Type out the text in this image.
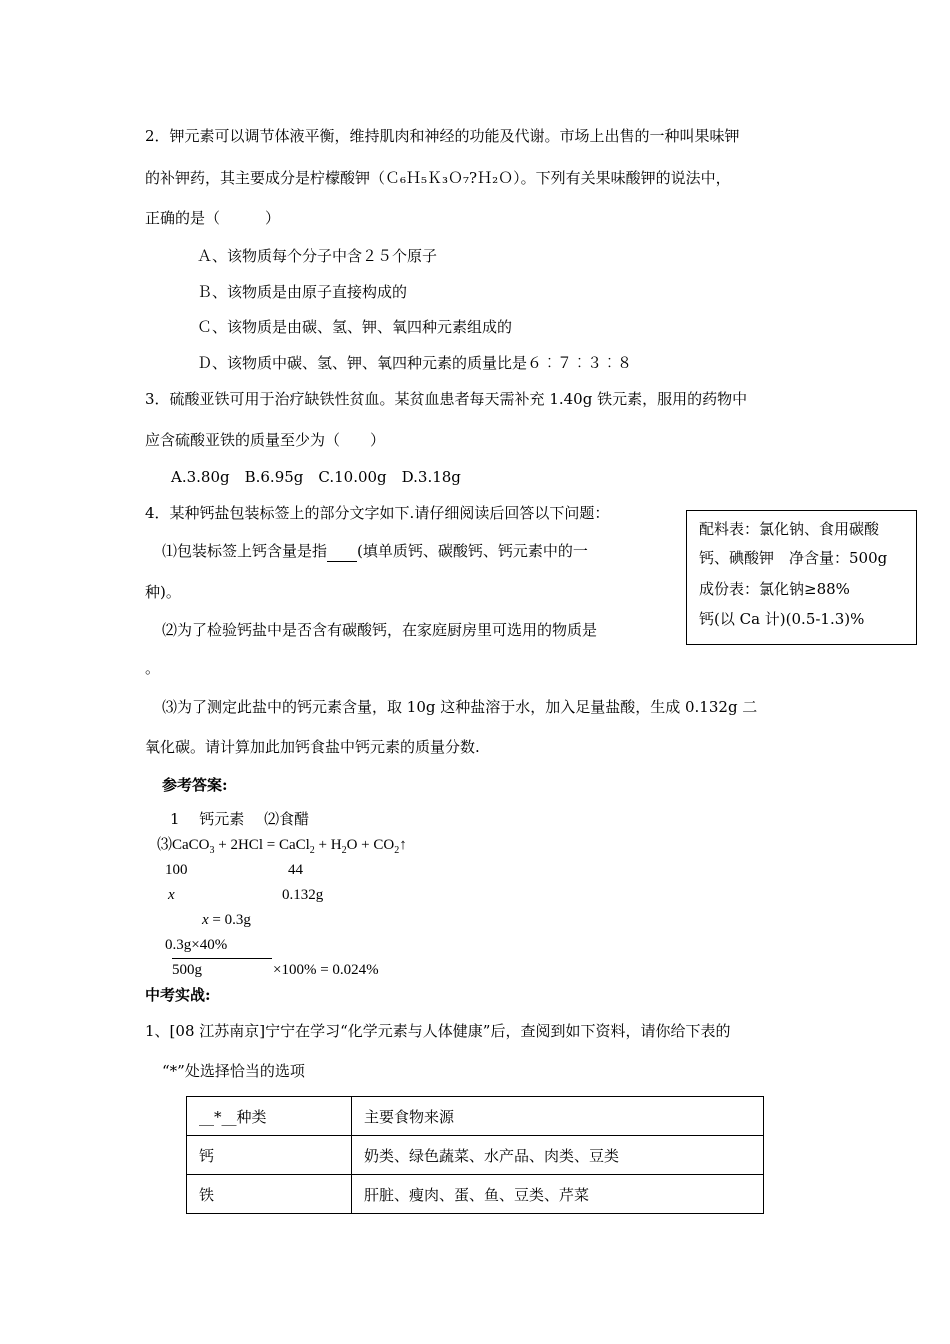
2．钾元素可以调节体液平衡，维持肌肉和神经的功能及代谢。市场上出售的一种叫果味钾
的补钾药，其主要成分是柠檬酸钾（Ｃ₆Ｈ₅Ｋ₃Ｏ₇?Ｈ₂Ｏ）。下列有关果味酸钾的说法中，
正确的是（　　　）
Ａ、该物质每个分子中含２５个原子
Ｂ、该物质是由原子直接构成的
Ｃ、该物质是由碳、氢、钾、氧四种元素组成的
Ｄ、该物质中碳、氢、钾、氧四种元素的质量比是６︰７︰３︰８
3．硫酸亚铁可用于治疗缺铁性贫血。某贫血患者每天需补充 1.40g 铁元素，服用的药物中
应含硫酸亚铁的质量至少为（　　）
A.3.80g　B.6.95g　C.10.00g　D.3.18g
4．某种钙盐包装标签上的部分文字如下.请仔细阅读后回答以下问题：
⑴包装标签上钙含量是指　　 (填单质钙、碳酸钙、钙元素中的一
种)。
⑵为了检验钙盐中是否含有碳酸钙，在家庭厨房里可选用的物质是
。
⑶为了测定此盐中的钙元素含量，取 10g 这种盐溶于水，加入足量盐酸，生成 0.132g 二
氧化碳。请计算加此加钙食盐中钙元素的质量分数.
配料表：氯化钠、食用碳酸
钙、碘酸钾　净含量：500g
成份表：氯化钠≥88%
钙(以 Ca 计)(0.5-1.3)%
参考答案:
1　 钙元素　 ⑵食醋
⑶CaCO$_3$ + 2HCl = CaCl$_2$ + $H_2O$ + $CO_2↑$
100	44
x	0.132g
x = 0.3g
0.3g×40%
500g	×100% = 0.024%
中考实战:
1、[08 江苏南京]宁宁在学习“化学元素与人体健康”后，查阅到如下资料，请你给下表的
“*”处选择恰当的选项
__*__种类	主要食物来源
钙	奶类、绿色蔬菜、水产品、肉类、豆类
铁	肝脏、瘦肉、蛋、鱼、豆类、芹菜
